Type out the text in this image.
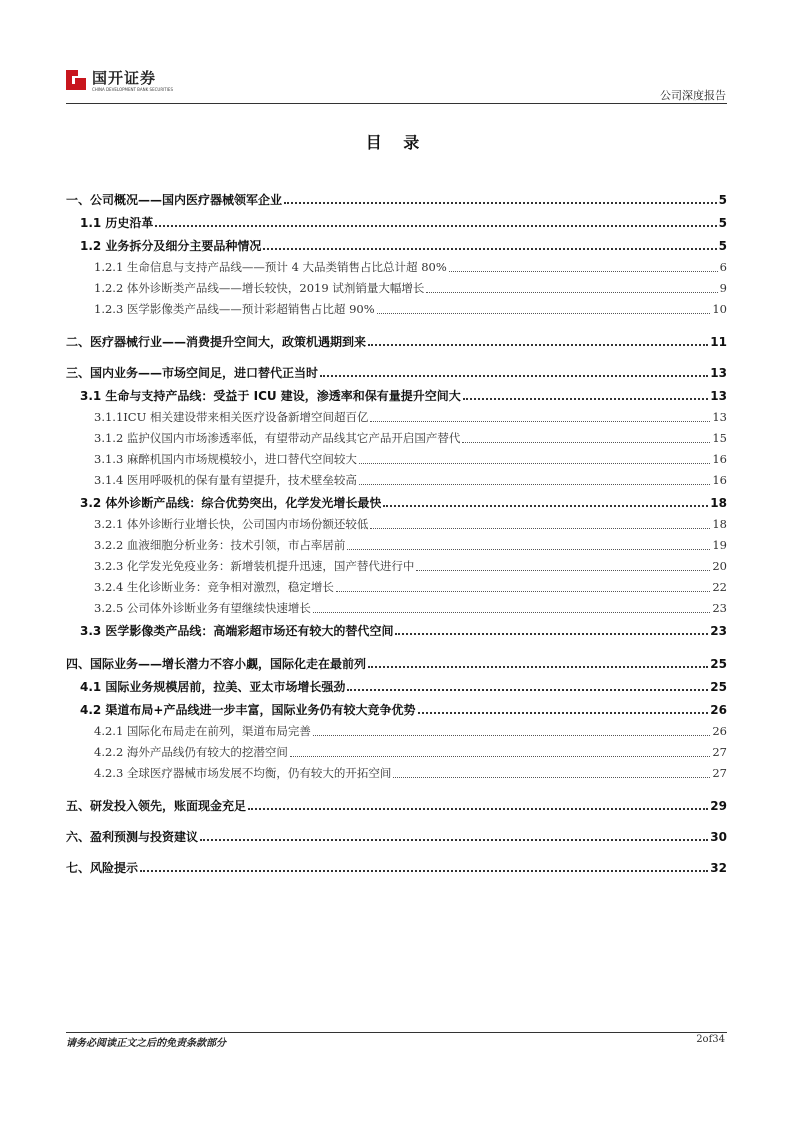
国开证券
CHINA DEVELOPMENT BANK SECURITIES	公司深度报告
目 录
一、公司概况——国内医疗器械领军企业	5
1.1 历史沿革	5
1.2 业务拆分及细分主要品种情况	5
1.2.1 生命信息与支持产品线——预计 4 大品类销售占比总计超 80%	6
1.2.2 体外诊断类产品线——增长较快，2019 试剂销量大幅增长	9
1.2.3 医学影像类产品线——预计彩超销售占比超 90%	10
二、医疗器械行业——消费提升空间大，政策机遇期到来	11
三、国内业务——市场空间足，进口替代正当时	13
3.1 生命与支持产品线：受益于 ICU 建设，渗透率和保有量提升空间大	13
3.1.1ICU 相关建设带来相关医疗设备新增空间超百亿	13
3.1.2 监护仪国内市场渗透率低，有望带动产品线其它产品开启国产替代	15
3.1.3 麻醉机国内市场规模较小，进口替代空间较大	16
3.1.4 医用呼吸机的保有量有望提升，技术壁垒较高	16
3.2 体外诊断产品线：综合优势突出，化学发光增长最快	18
3.2.1 体外诊断行业增长快，公司国内市场份额还较低	18
3.2.2 血液细胞分析业务：技术引领，市占率居前	19
3.2.3 化学发光免疫业务：新增装机提升迅速，国产替代进行中	20
3.2.4 生化诊断业务：竞争相对激烈，稳定增长	22
3.2.5 公司体外诊断业务有望继续快速增长	23
3.3 医学影像类产品线：高端彩超市场还有较大的替代空间	23
四、国际业务——增长潜力不容小觑，国际化走在最前列	25
4.1 国际业务规模居前，拉美、亚太市场增长强劲	25
4.2 渠道布局+产品线进一步丰富，国际业务仍有较大竞争优势	26
4.2.1 国际化布局走在前列，渠道布局完善	26
4.2.2 海外产品线仍有较大的挖潜空间	27
4.2.3 全球医疗器械市场发展不均衡，仍有较大的开拓空间	27
五、研发投入领先，账面现金充足	29
六、盈利预测与投资建议	30
七、风险提示	32
请务必阅读正文之后的免责条款部分	2of34
